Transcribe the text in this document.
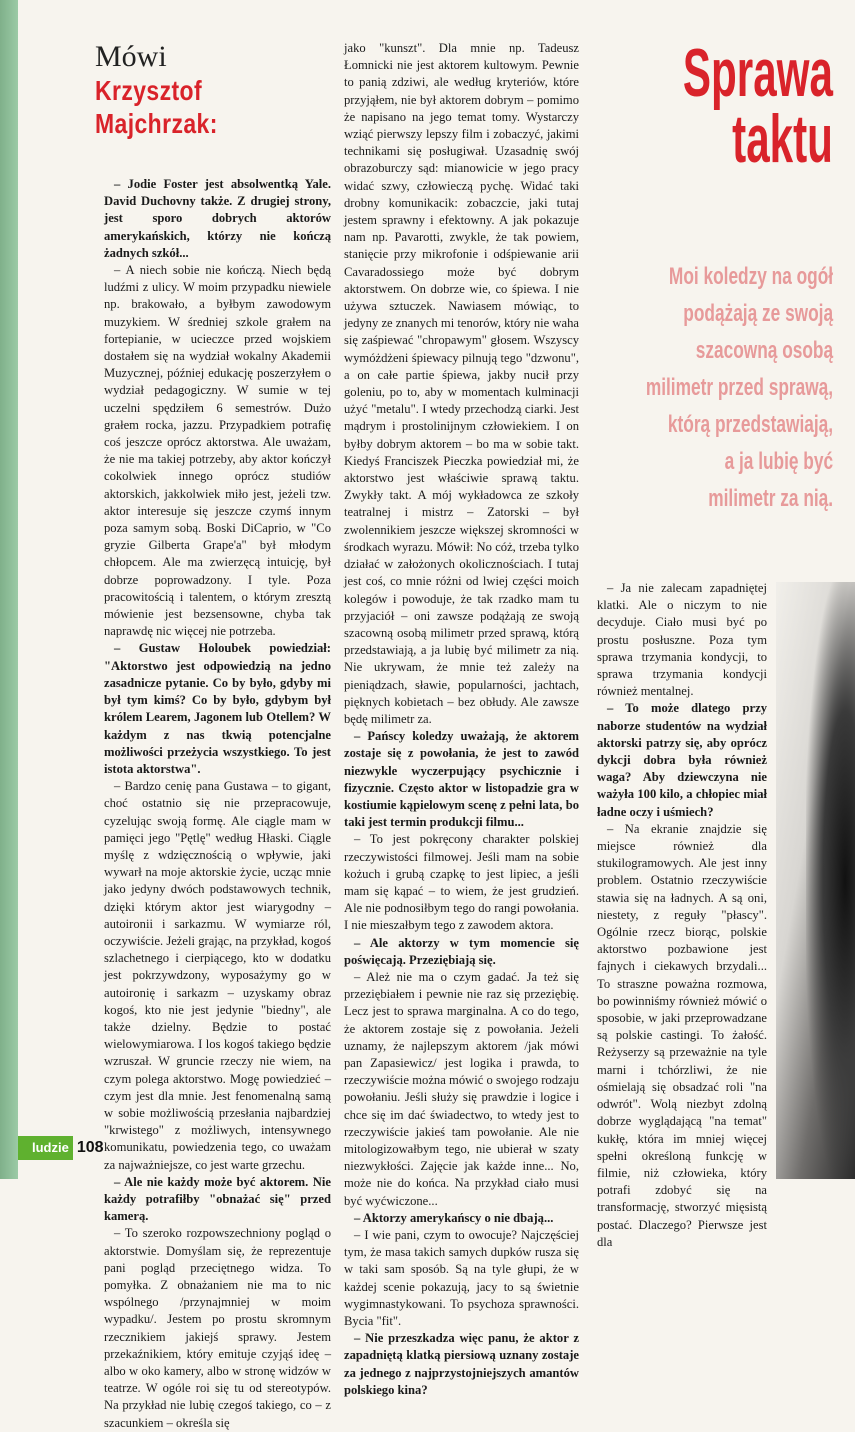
Mówi
Krzysztof
Majchrzak:

– Jodie Foster jest absolwentką Yale. David Duchovny także. Z drugiej strony, jest sporo dobrych aktorów amerykańskich, którzy nie kończą żadnych szkół...

– A niech sobie nie kończą. Niech będą ludźmi z ulicy. W moim przypadku niewiele np. brakowało, a byłbym zawodowym muzykiem. W średniej szkole grałem na fortepianie, w ucieczce przed wojskiem dostałem się na wydział wokalny Akademii Muzycznej, później edukację poszerzyłem o wydział pedagogiczny. W sumie w tej uczelni spędziłem 6 semestrów. Dużo grałem rocka, jazzu. Przypadkiem potrafię coś jeszcze oprócz aktorstwa. Ale uważam, że nie ma takiej potrzeby, aby aktor kończył cokolwiek innego oprócz studiów aktorskich, jakkolwiek miło jest, jeżeli tzw. aktor interesuje się jeszcze czymś innym poza samym sobą. Boski DiCaprio, w "Co gryzie Gilberta Grape'a" był młodym chłopcem. Ale ma zwierzęcą intuicję, był dobrze poprowadzony. I tyle. Poza pracowitością i talentem, o którym zresztą mówienie jest bezsensowne, chyba tak naprawdę nic więcej nie potrzeba.

– Gustaw Holoubek powiedział: "Aktorstwo jest odpowiedzią na jedno zasadnicze pytanie. Co by było, gdyby mi był tym kimś? Co by było, gdybym był królem Learem, Jagonem lub Otellem? W każdym z nas tkwią potencjalne możliwości przeżycia wszystkiego. To jest istota aktorstwa".

– Bardzo cenię pana Gustawa – to gigant, choć ostatnio się nie przepracowuje, cyzelując swoją formę. Ale ciągle mam w pamięci jego "Pętlę" według Hłaski. Ciągle myślę z wdzięcznością o wpływie, jaki wywarł na moje aktorskie życie, ucząc mnie jako jedyny dwóch podstawowych technik, dzięki którym aktor jest wiarygodny – autoironii i sarkazmu. W wymiarze ról, oczywiście. Jeżeli grając, na przykład, kogoś szlachetnego i cierpiącego, kto w dodatku jest pokrzywdzony, wyposażymy go w autoironię i sarkazm – uzyskamy obraz kogoś, kto nie jest jedynie "biedny", ale także dzielny. Będzie to postać wielowymiarowa. I los kogoś takiego będzie wzruszał. W gruncie rzeczy nie wiem, na czym polega aktorstwo. Mogę powiedzieć – czym jest dla mnie. Jest fenomenalną samą w sobie możliwością przesłania najbardziej "krwistego" z możliwych, intensywnego komunikatu, powiedzenia tego, co uważam za najważniejsze, co jest warte grzechu.

– Ale nie każdy może być aktorem. Nie każdy potrafiłby "obnażać się" przed kamerą.

– To szeroko rozpowszechniony pogląd o aktorstwie. Domyślam się, że reprezentuje pani pogląd przeciętnego widza. To pomyłka. Z obnażaniem nie ma to nic wspólnego /przynajmniej w moim wypadku/. Jestem po prostu skromnym rzecznikiem jakiejś sprawy. Jestem przekaźnikiem, który emituje czyjąś ideę – albo w oko kamery, albo w stronę widzów w teatrze. W ogóle roi się tu od stereotypów. Na przykład nie lubię czegoś takiego, co – z szacunkiem – określa się

jako "kunszt". Dla mnie np. Tadeusz Łomnicki nie jest aktorem kultowym. Pewnie to panią zdziwi, ale według kryteriów, które przyjąłem, nie był aktorem dobrym – pomimo że napisano na jego temat tomy. Wystarczy wziąć pierwszy lepszy film i zobaczyć, jakimi technikami się posługiwał. Uzasadnię swój obrazoburczy sąd: mianowicie w jego pracy widać szwy, człowieczą pychę. Widać taki drobny komunikacik: zobaczcie, jaki tutaj jestem sprawny i efektowny. A jak pokazuje nam np. Pavarotti, zwykle, że tak powiem, stanięcie przy mikrofonie i odśpiewanie arii Cavaradossiego może być dobrym aktorstwem. On dobrze wie, co śpiewa. I nie używa sztuczek. Nawiasem mówiąc, to jedyny ze znanych mi tenorów, który nie waha się zaśpiewać "chropawym" głosem. Wszyscy wymóżdżeni śpiewacy pilnują tego "dzwonu", a on całe partie śpiewa, jakby nucił przy goleniu, po to, aby w momentach kulminacji użyć "metalu". I wtedy przechodzą ciarki. Jest mądrym i prostolinijnym człowiekiem. I on byłby dobrym aktorem – bo ma w sobie takt. Kiedyś Franciszek Pieczka powiedział mi, że aktorstwo jest właściwie sprawą taktu. Zwykły takt. A mój wykładowca ze szkoły teatralnej i mistrz – Zatorski – był zwolennikiem jeszcze większej skromności w środkach wyrazu. Mówił: No cóż, trzeba tylko działać w założonych okolicznościach. I tutaj jest coś, co mnie różni od lwiej części moich kolegów i powoduje, że tak rzadko mam tu przyjaciół – oni zawsze podążają ze swoją szacowną osobą milimetr przed sprawą, którą przedstawiają, a ja lubię być milimetr za nią. Nie ukrywam, że mnie też zależy na pieniądzach, sławie, popularności, jachtach, pięknych kobietach – bez obłudy. Ale zawsze będę milimetr za.

– Pańscy koledzy uważają, że aktorem zostaje się z powołania, że jest to zawód niezwykle wyczerpujący psychicznie i fizycznie. Często aktor w listopadzie gra w kostiumie kąpielowym scenę z pełni lata, bo taki jest termin produkcji filmu...

– To jest pokręcony charakter polskiej rzeczywistości filmowej. Jeśli mam na sobie kożuch i grubą czapkę to jest lipiec, a jeśli mam się kąpać – to wiem, że jest grudzień. Ale nie podnosiłbym tego do rangi powołania. I nie mieszałbym tego z zawodem aktora.

– Ale aktorzy w tym momencie się poświęcają. Przeziębiają się.

– Ależ nie ma o czym gadać. Ja też się przeziębiałem i pewnie nie raz się przeziębię. Lecz jest to sprawa marginalna. A co do tego, że aktorem zostaje się z powołania. Jeżeli uznamy, że najlepszym aktorem /jak mówi pan Zapasiewicz/ jest logika i prawda, to rzeczywiście można mówić o swojego rodzaju powołaniu. Jeśli służy się prawdzie i logice i chce się im dać świadectwo, to wtedy jest to rzeczywiście jakieś tam powołanie. Ale nie mitologizowałbym tego, nie ubierał w szaty niezwykłości. Zajęcie jak każde inne... No, może nie do końca. Na przykład ciało musi być wyćwiczone...

– Aktorzy amerykańscy o nie dbają...

– I wie pani, czym to owocuje? Najczęściej tym, że masa takich samych dupków rusza się w taki sam sposób. Są na tyle głupi, że w każdej scenie pokazują, jacy to są świetnie wygimnastykowani. To psychoza sprawności. Bycia "fit".

– Nie przeszkadza więc panu, że aktor z zapadniętą klatką piersiową uznany zostaje za jednego z najprzystojniejszych amantów polskiego kina?

– Ja nie zalecam zapadniętej klatki. Ale o niczym to nie decyduje. Ciało musi być po prostu posłuszne. Poza tym sprawa trzymania kondycji, to sprawa trzymania kondycji również mentalnej.

– To może dlatego przy naborze studentów na wydział aktorski patrzy się, aby oprócz dykcji dobra była również waga? Aby dziewczyna nie ważyła 100 kilo, a chłopiec miał ładne oczy i uśmiech?

– Na ekranie znajdzie się miejsce również dla stukilogramowych. Ale jest inny problem. Ostatnio rzeczywiście stawia się na ładnych. A są oni, niestety, z reguły "płascy". Ogólnie rzecz biorąc, polskie aktorstwo pozbawione jest fajnych i ciekawych brzydali... To straszne poważna rozmowa, bo powinniśmy również mówić o sposobie, w jaki przeprowadzane są polskie castingi. To żałość. Reżyserzy są przeważnie na tyle marni i tchórzliwi, że nie ośmielają się obsadzać roli "na odwrót". Wolą niezbyt zdolną dobrze wyglądającą "na temat" kukłę, która im mniej więcej spełni określoną funkcję w filmie, niż człowieka, który potrafi zdobyć się na transformację, stworzyć mięsistą postać. Dlaczego? Pierwsze jest dla

Sprawa
taktu
Moi koledzy na ogół
podążają ze swoją
szacowną osobą
milimetr przed sprawą,
którą przedstawiają,
a ja lubię być
milimetr za nią.
ludzie 108
